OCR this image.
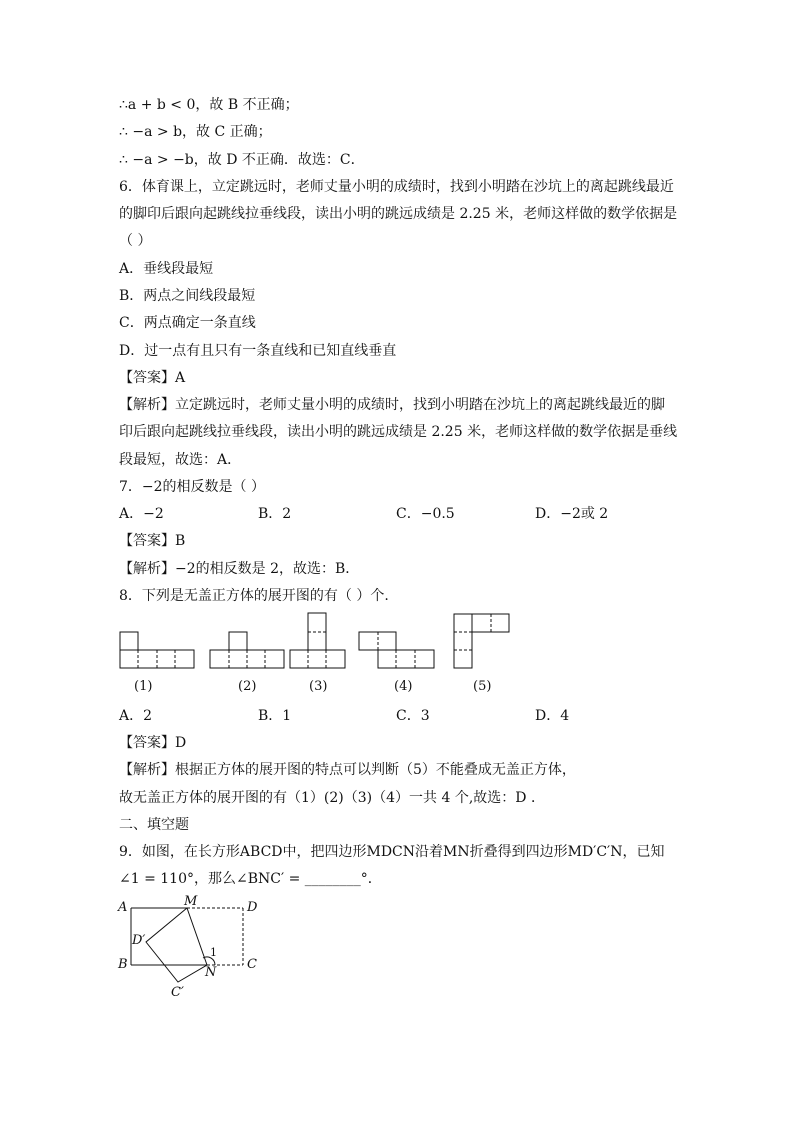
∴a + b < 0，故 B 不正确；
∴ −a > b，故 C 正确；
∴ −a > −b，故 D 不正确．故选：C．
6．体育课上，立定跳远时，老师丈量小明的成绩时，找到小明踏在沙坑上的离起跳线最近
的脚印后跟向起跳线拉垂线段，读出小明的跳远成绩是 2.25 米，老师这样做的数学依据是
（ ）
A．垂线段最短
B．两点之间线段最短
C．两点确定一条直线
D．过一点有且只有一条直线和已知直线垂直
【答案】A
【解析】立定跳远时，老师丈量小明的成绩时，找到小明踏在沙坑上的离起跳线最近的脚
印后跟向起跳线拉垂线段，读出小明的跳远成绩是 2.25 米，老师这样做的数学依据是垂线
段最短，故选：A．
7．−2的相反数是（ ）
A．−2	B．2	C．−0.5	D．−2或 2
【答案】B
【解析】−2的相反数是 2，故选：B．
8．下列是无盖正方体的展开图的有（ ）个.
(1)	(2)	(3)	(4)	(5)
A．2	B．1	C．3	D．4
【答案】D
【解析】根据正方体的展开图的特点可以判断（5）不能叠成无盖正方体，
故无盖正方体的展开图的有（1）(2)（3)（4）一共 4 个,故选：D ．
二、填空题
9．如图，在长方形ABCD中，把四边形MDCN沿着MN折叠得到四边形MD′C′N，已知
∠1 = 110°，那么∠BNC′ = ________°．
A	M	D
D′
B
N
C
C′
1
